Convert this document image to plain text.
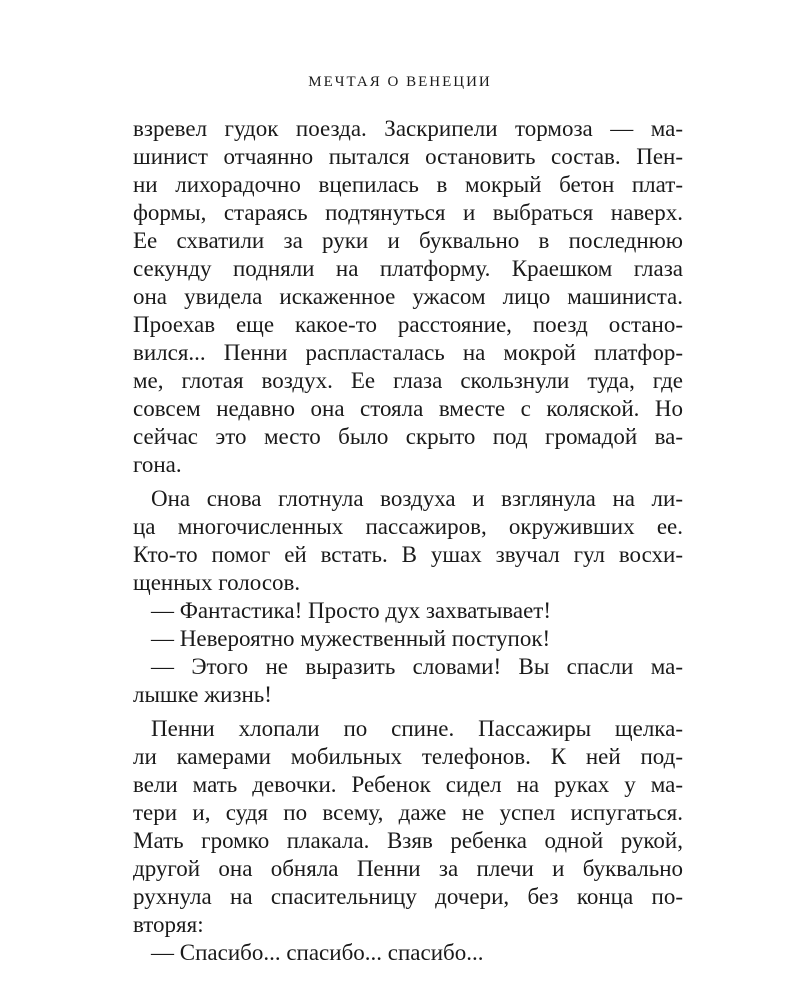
МЕЧТАЯ О ВЕНЕЦИИ
взревел гудок поезда. Заскрипели тормоза — ма-
шинист отчаянно пытался остановить состав. Пен-
ни лихорадочно вцепилась в мокрый бетон плат-
формы, стараясь подтянуться и выбраться наверх.
Ее схватили за руки и буквально в последнюю
секунду подняли на платформу. Краешком глаза
она увидела искаженное ужасом лицо машиниста.
Проехав еще какое-то расстояние, поезд остано-
вился... Пенни распласталась на мокрой платфор-
ме, глотая воздух. Ее глаза скользнули туда, где
совсем недавно она стояла вместе с коляской. Но
сейчас это место было скрыто под громадой ва-
гона.
Она снова глотнула воздуха и взглянула на ли-
ца многочисленных пассажиров, окруживших ее.
Кто-то помог ей встать. В ушах звучал гул восхи-
щенных голосов.
— Фантастика! Просто дух захватывает!
— Невероятно мужественный поступок!
— Этого не выразить словами! Вы спасли ма-
лышке жизнь!
Пенни хлопали по спине. Пассажиры щелка-
ли камерами мобильных телефонов. К ней под-
вели мать девочки. Ребенок сидел на руках у ма-
тери и, судя по всему, даже не успел испугаться.
Мать громко плакала. Взяв ребенка одной рукой,
другой она обняла Пенни за плечи и буквально
рухнула на спасительницу дочери, без конца по-
вторяя:
— Спасибо... спасибо... спасибо...
